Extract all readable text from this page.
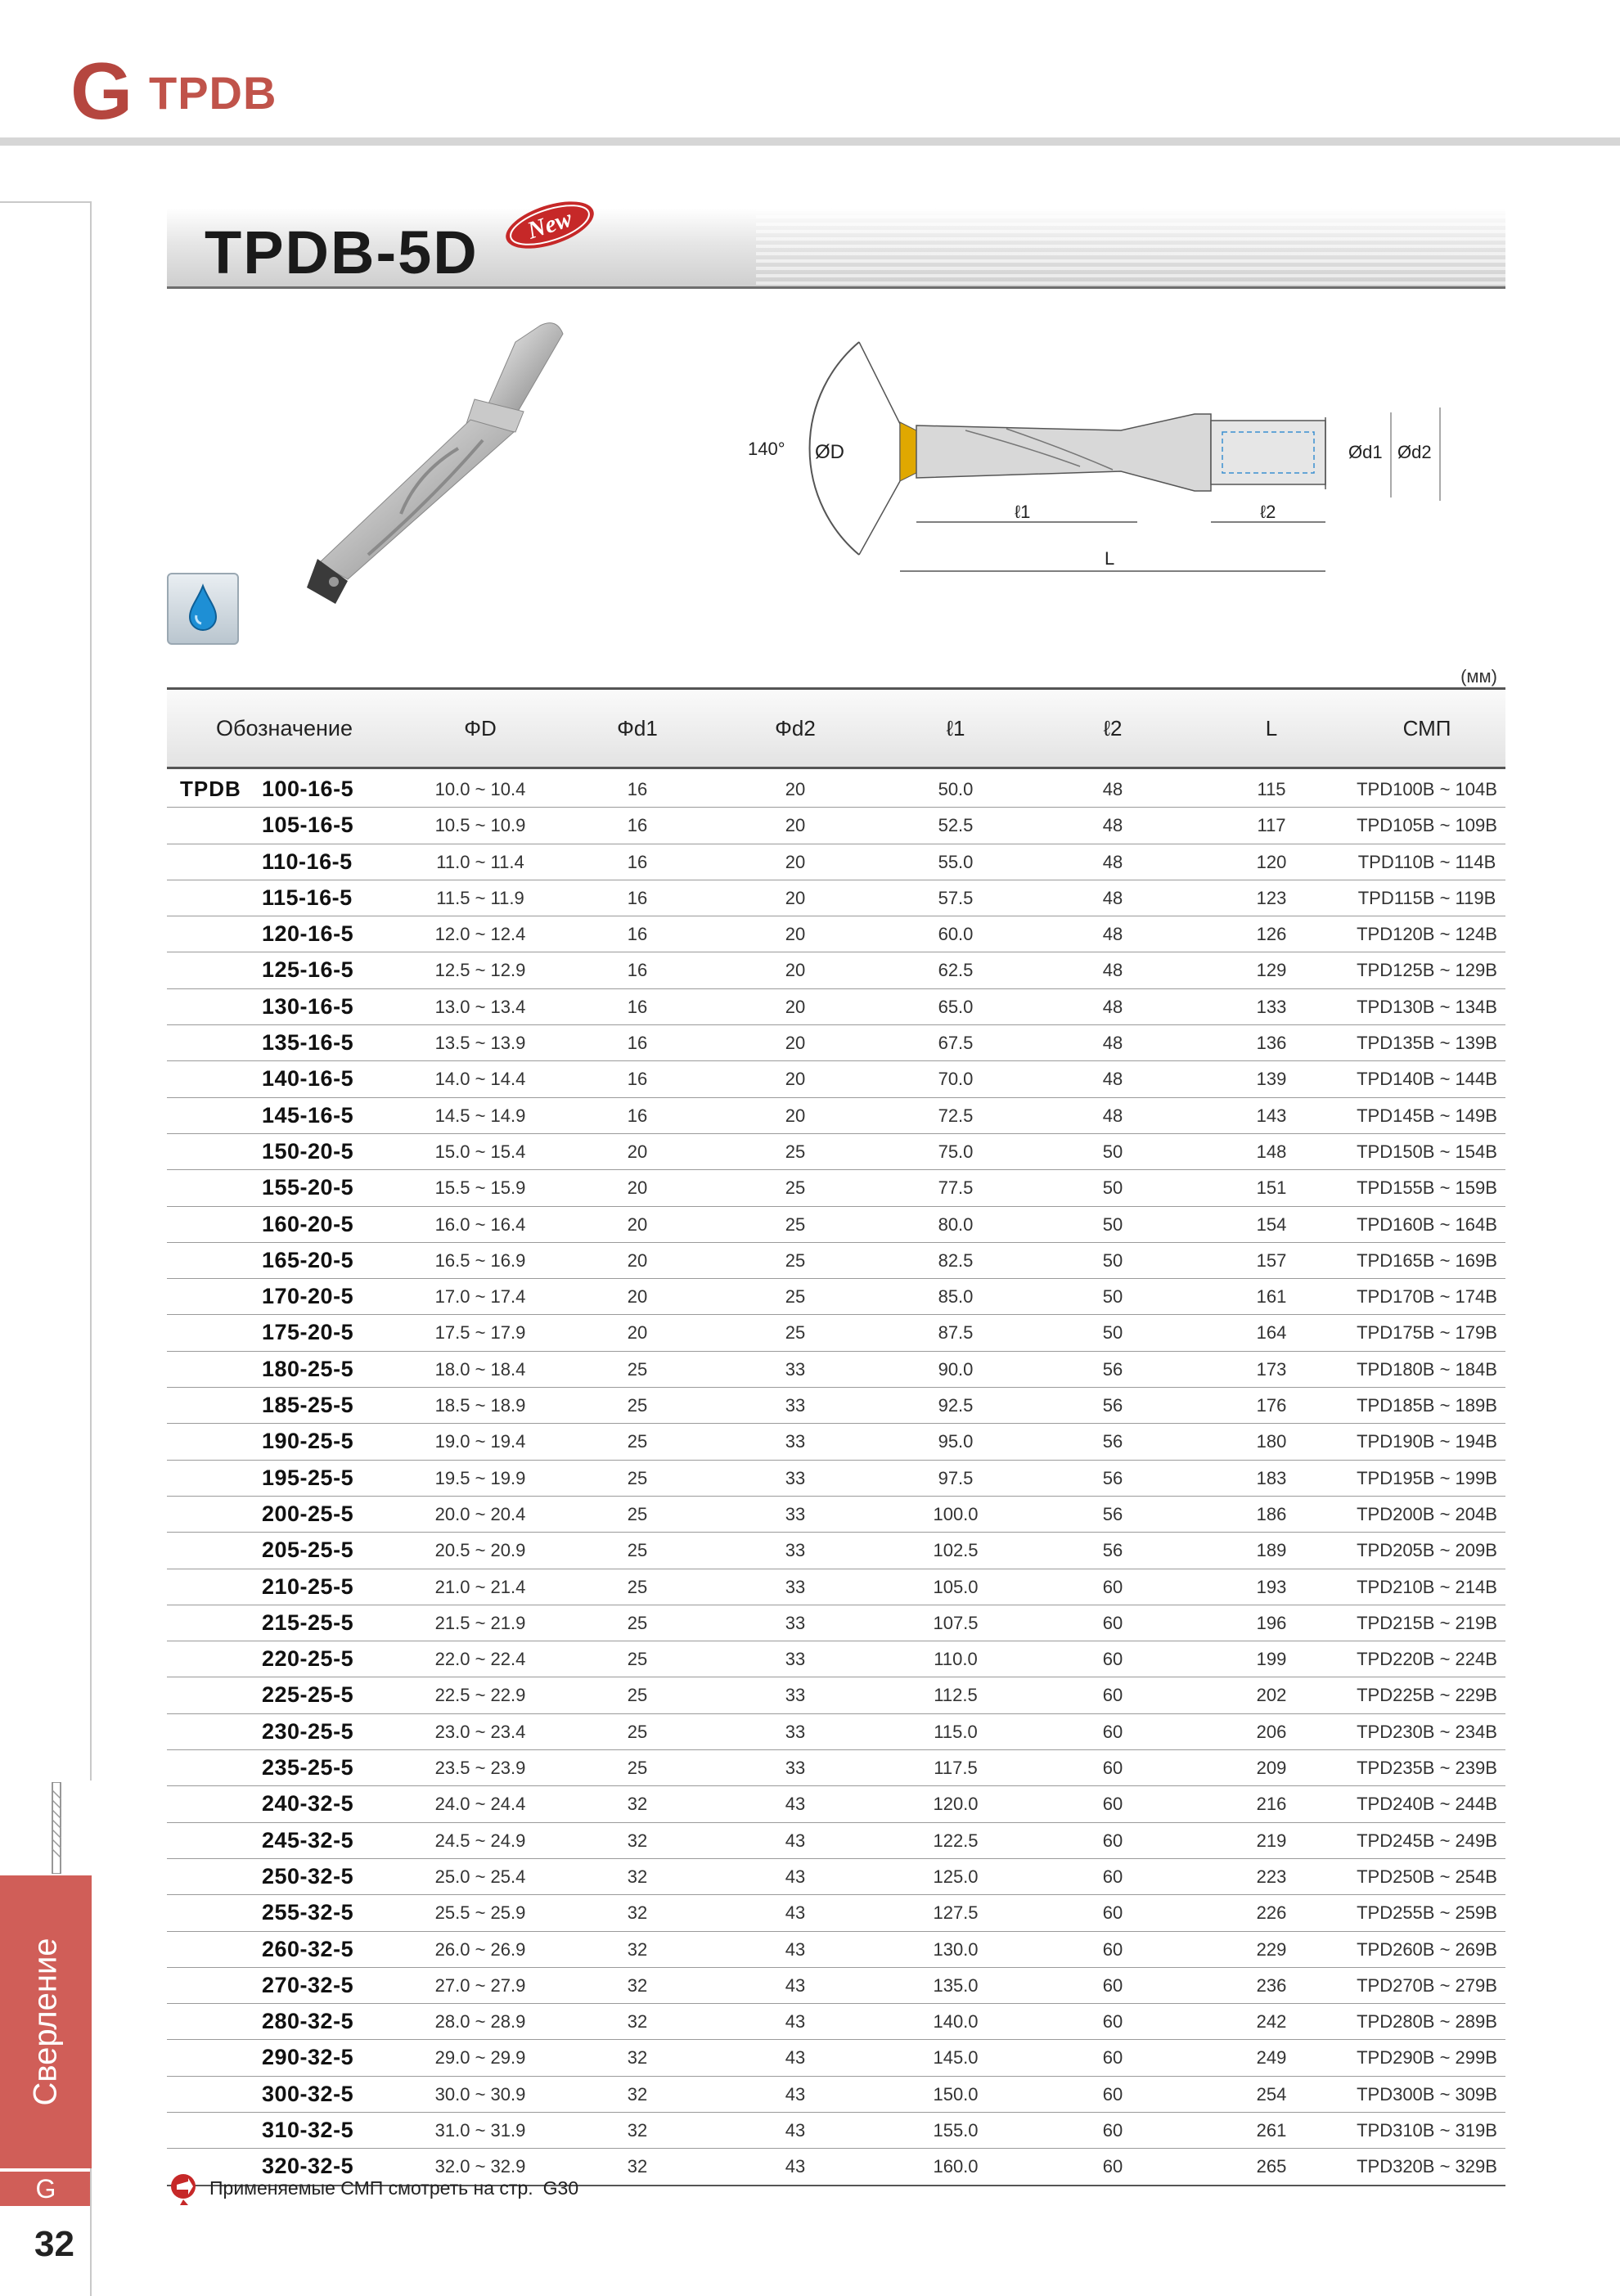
G TPDB
Сверление
G
32
TPDB-5D New
140° ØD	Ød1 Ød2
ℓ1	ℓ2
L
(мм)
Обозначение	ΦD	Φd1	Φd2	ℓ1	ℓ2	L	СМП
TPDB 100-16-5	10.0 ~ 10.4	16	20	50.0	48	115	TPD100B ~ 104B
105-16-5	10.5 ~ 10.9	16	20	52.5	48	117	TPD105B ~ 109B
110-16-5	11.0 ~ 11.4	16	20	55.0	48	120	TPD110B ~ 114B
115-16-5	11.5 ~ 11.9	16	20	57.5	48	123	TPD115B ~ 119B
120-16-5	12.0 ~ 12.4	16	20	60.0	48	126	TPD120B ~ 124B
125-16-5	12.5 ~ 12.9	16	20	62.5	48	129	TPD125B ~ 129B
130-16-5	13.0 ~ 13.4	16	20	65.0	48	133	TPD130B ~ 134B
135-16-5	13.5 ~ 13.9	16	20	67.5	48	136	TPD135B ~ 139B
140-16-5	14.0 ~ 14.4	16	20	70.0	48	139	TPD140B ~ 144B
145-16-5	14.5 ~ 14.9	16	20	72.5	48	143	TPD145B ~ 149B
150-20-5	15.0 ~ 15.4	20	25	75.0	50	148	TPD150B ~ 154B
155-20-5	15.5 ~ 15.9	20	25	77.5	50	151	TPD155B ~ 159B
160-20-5	16.0 ~ 16.4	20	25	80.0	50	154	TPD160B ~ 164B
165-20-5	16.5 ~ 16.9	20	25	82.5	50	157	TPD165B ~ 169B
170-20-5	17.0 ~ 17.4	20	25	85.0	50	161	TPD170B ~ 174B
175-20-5	17.5 ~ 17.9	20	25	87.5	50	164	TPD175B ~ 179B
180-25-5	18.0 ~ 18.4	25	33	90.0	56	173	TPD180B ~ 184B
185-25-5	18.5 ~ 18.9	25	33	92.5	56	176	TPD185B ~ 189B
190-25-5	19.0 ~ 19.4	25	33	95.0	56	180	TPD190B ~ 194B
195-25-5	19.5 ~ 19.9	25	33	97.5	56	183	TPD195B ~ 199B
200-25-5	20.0 ~ 20.4	25	33	100.0	56	186	TPD200B ~ 204B
205-25-5	20.5 ~ 20.9	25	33	102.5	56	189	TPD205B ~ 209B
210-25-5	21.0 ~ 21.4	25	33	105.0	60	193	TPD210B ~ 214B
215-25-5	21.5 ~ 21.9	25	33	107.5	60	196	TPD215B ~ 219B
220-25-5	22.0 ~ 22.4	25	33	110.0	60	199	TPD220B ~ 224B
225-25-5	22.5 ~ 22.9	25	33	112.5	60	202	TPD225B ~ 229B
230-25-5	23.0 ~ 23.4	25	33	115.0	60	206	TPD230B ~ 234B
235-25-5	23.5 ~ 23.9	25	33	117.5	60	209	TPD235B ~ 239B
240-32-5	24.0 ~ 24.4	32	43	120.0	60	216	TPD240B ~ 244B
245-32-5	24.5 ~ 24.9	32	43	122.5	60	219	TPD245B ~ 249B
250-32-5	25.0 ~ 25.4	32	43	125.0	60	223	TPD250B ~ 254B
255-32-5	25.5 ~ 25.9	32	43	127.5	60	226	TPD255B ~ 259B
260-32-5	26.0 ~ 26.9	32	43	130.0	60	229	TPD260B ~ 269B
270-32-5	27.0 ~ 27.9	32	43	135.0	60	236	TPD270B ~ 279B
280-32-5	28.0 ~ 28.9	32	43	140.0	60	242	TPD280B ~ 289B
290-32-5	29.0 ~ 29.9	32	43	145.0	60	249	TPD290B ~ 299B
300-32-5	30.0 ~ 30.9	32	43	150.0	60	254	TPD300B ~ 309B
310-32-5	31.0 ~ 31.9	32	43	155.0	60	261	TPD310B ~ 319B
320-32-5	32.0 ~ 32.9	32	43	160.0	60	265	TPD320B ~ 329B
Применяемые СМП смотреть на стр. G30
